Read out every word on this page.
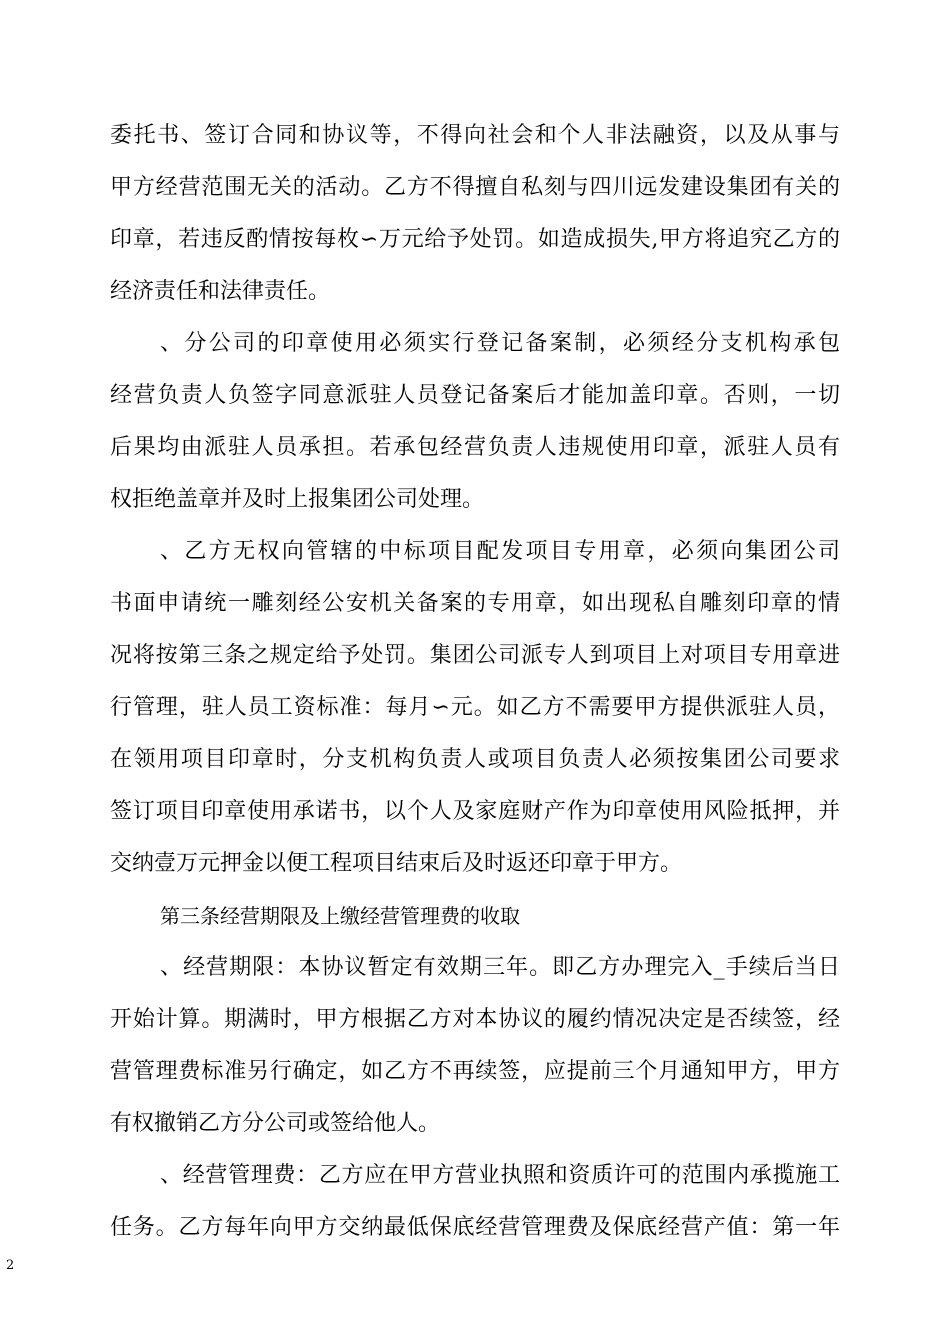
委托书、签订合同和协议等，不得向社会和个人非法融资，以及从事与
甲方经营范围无关的活动。乙方不得擅自私刻与四川远发建设集团有关的
印章，若违反酌情按每枚∽万元给予处罚。如造成损失,甲方将追究乙方的
经济责任和法律责任。
、分公司的印章使用必须实行登记备案制，必须经分支机构承包
经营负责人负签字同意派驻人员登记备案后才能加盖印章。否则，一切
后果均由派驻人员承担。若承包经营负责人违规使用印章，派驻人员有
权拒绝盖章并及时上报集团公司处理。
、乙方无权向管辖的中标项目配发项目专用章，必须向集团公司
书面申请统一雕刻经公安机关备案的专用章，如出现私自雕刻印章的情
况将按第三条之规定给予处罚。集团公司派专人到项目上对项目专用章进
行管理，驻人员工资标准：每月∽元。如乙方不需要甲方提供派驻人员，
在领用项目印章时，分支机构负责人或项目负责人必须按集团公司要求
签订项目印章使用承诺书，以个人及家庭财产作为印章使用风险抵押，并
交纳壹万元押金以便工程项目结束后及时返还印章于甲方。
第三条经营期限及上缴经营管理费的收取
、经营期限：本协议暂定有效期三年。即乙方办理完入_手续后当日
开始计算。期满时，甲方根据乙方对本协议的履约情况决定是否续签，经
营管理费标准另行确定，如乙方不再续签，应提前三个月通知甲方，甲方
有权撤销乙方分公司或签给他人。
、经营管理费：乙方应在甲方营业执照和资质许可的范围内承揽施工
任务。乙方每年向甲方交纳最低保底经营管理费及保底经营产值：第一年
2
